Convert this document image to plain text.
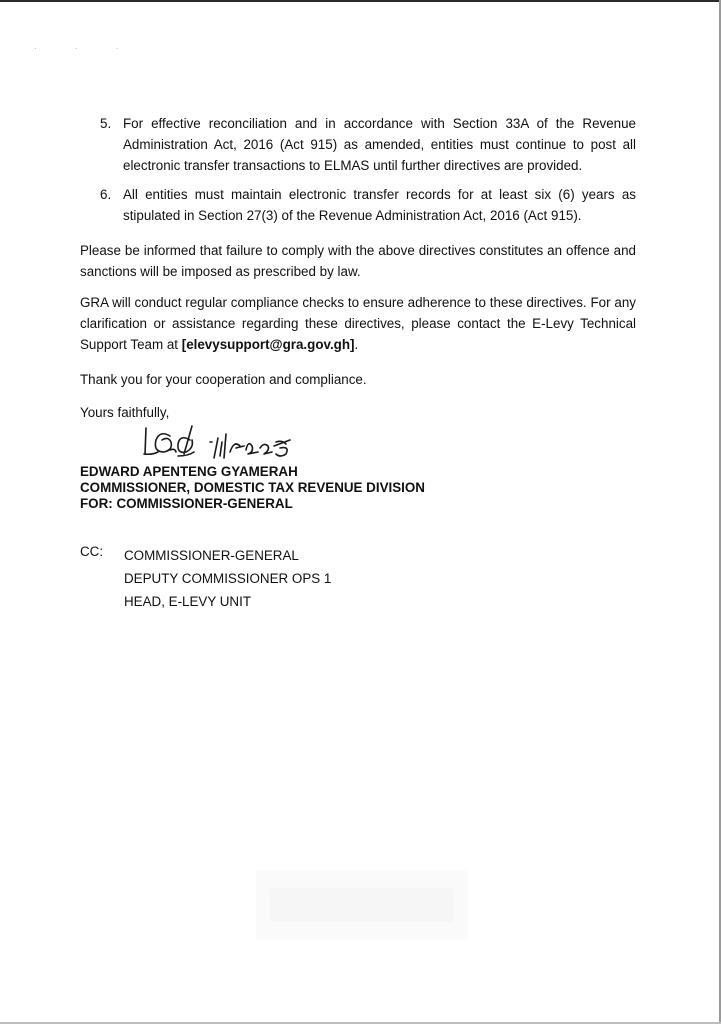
· · ·
5. For effective reconciliation and in accordance with Section 33A of the Revenue Administration Act, 2016 (Act 915) as amended, entities must continue to post all electronic transfer transactions to ELMAS until further directives are provided.
6. All entities must maintain electronic transfer records for at least six (6) years as stipulated in Section 27(3) of the Revenue Administration Act, 2016 (Act 915).
Please be informed that failure to comply with the above directives constitutes an offence and sanctions will be imposed as prescribed by law.
GRA will conduct regular compliance checks to ensure adherence to these directives. For any clarification or assistance regarding these directives, please contact the E-Levy Technical Support Team at [elevysupport@gra.gov.gh].
Thank you for your cooperation and compliance.
Yours faithfully,
EDWARD APENTENG GYAMERAH
COMMISSIONER, DOMESTIC TAX REVENUE DIVISION
FOR: COMMISSIONER-GENERAL
CC: COMMISSIONER-GENERAL
DEPUTY COMMISSIONER OPS 1
HEAD, E-LEVY UNIT
